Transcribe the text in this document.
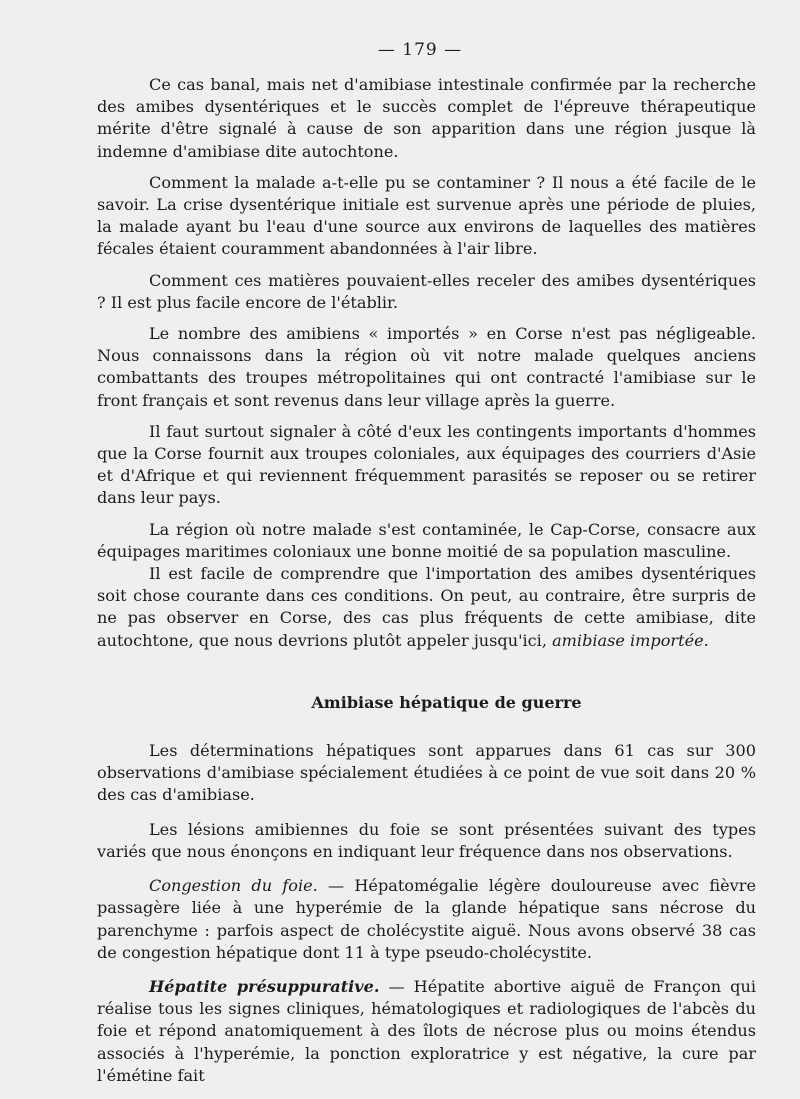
— 179 —

Ce cas banal, mais net d'amibiase intestinale confirmée par la recherche des amibes dysentériques et le succès complet de l'épreuve thérapeutique mérite d'être signalé à cause de son apparition dans une région jusque là indemne d'amibiase dite autochtone.

Comment la malade a-t-elle pu se contaminer ? Il nous a été facile de le savoir. La crise dysentérique initiale est survenue après une période de pluies, la malade ayant bu l'eau d'une source aux environs de laquelles des matières fécales étaient couramment abandonnées à l'air libre.

Comment ces matières pouvaient-elles receler des amibes dysentériques ? Il est plus facile encore de l'établir.

Le nombre des amibiens « importés » en Corse n'est pas négligeable. Nous connaissons dans la région où vit notre malade quelques anciens combattants des troupes métropolitaines qui ont contracté l'amibiase sur le front français et sont revenus dans leur village après la guerre.

Il faut surtout signaler à côté d'eux les contingents importants d'hommes que la Corse fournit aux troupes coloniales, aux équipages des courriers d'Asie et d'Afrique et qui reviennent fréquemment parasités se reposer ou se retirer dans leur pays.

La région où notre malade s'est contaminée, le Cap-Corse, consacre aux équipages maritimes coloniaux une bonne moitié de sa population masculine.

Il est facile de comprendre que l'importation des amibes dysentériques soit chose courante dans ces conditions. On peut, au contraire, être surpris de ne pas observer en Corse, des cas plus fréquents de cette amibiase, dite autochtone, que nous devrions plutôt appeler jusqu'ici, amibiase importée.

Amibiase hépatique de guerre

Les déterminations hépatiques sont apparues dans 61 cas sur 300 observations d'amibiase spécialement étudiées à ce point de vue soit dans 20 % des cas d'amibiase.

Les lésions amibiennes du foie se sont présentées suivant des types variés que nous énonçons en indiquant leur fréquence dans nos observations.

Congestion du foie. — Hépatomégalie légère douloureuse avec fièvre passagère liée à une hyperémie de la glande hépatique sans nécrose du parenchyme : parfois aspect de cholécystite aiguë. Nous avons observé 38 cas de congestion hépatique dont 11 à type pseudo-cholécystite.

Hépatite présuppurative. — Hépatite abortive aiguë de Françon qui réalise tous les signes cliniques, hématologiques et radiologiques de l'abcès du foie et répond anatomiquement à des îlots de nécrose plus ou moins étendus associés à l'hyperémie, la ponction exploratrice y est négative, la cure par l'émétine fait
